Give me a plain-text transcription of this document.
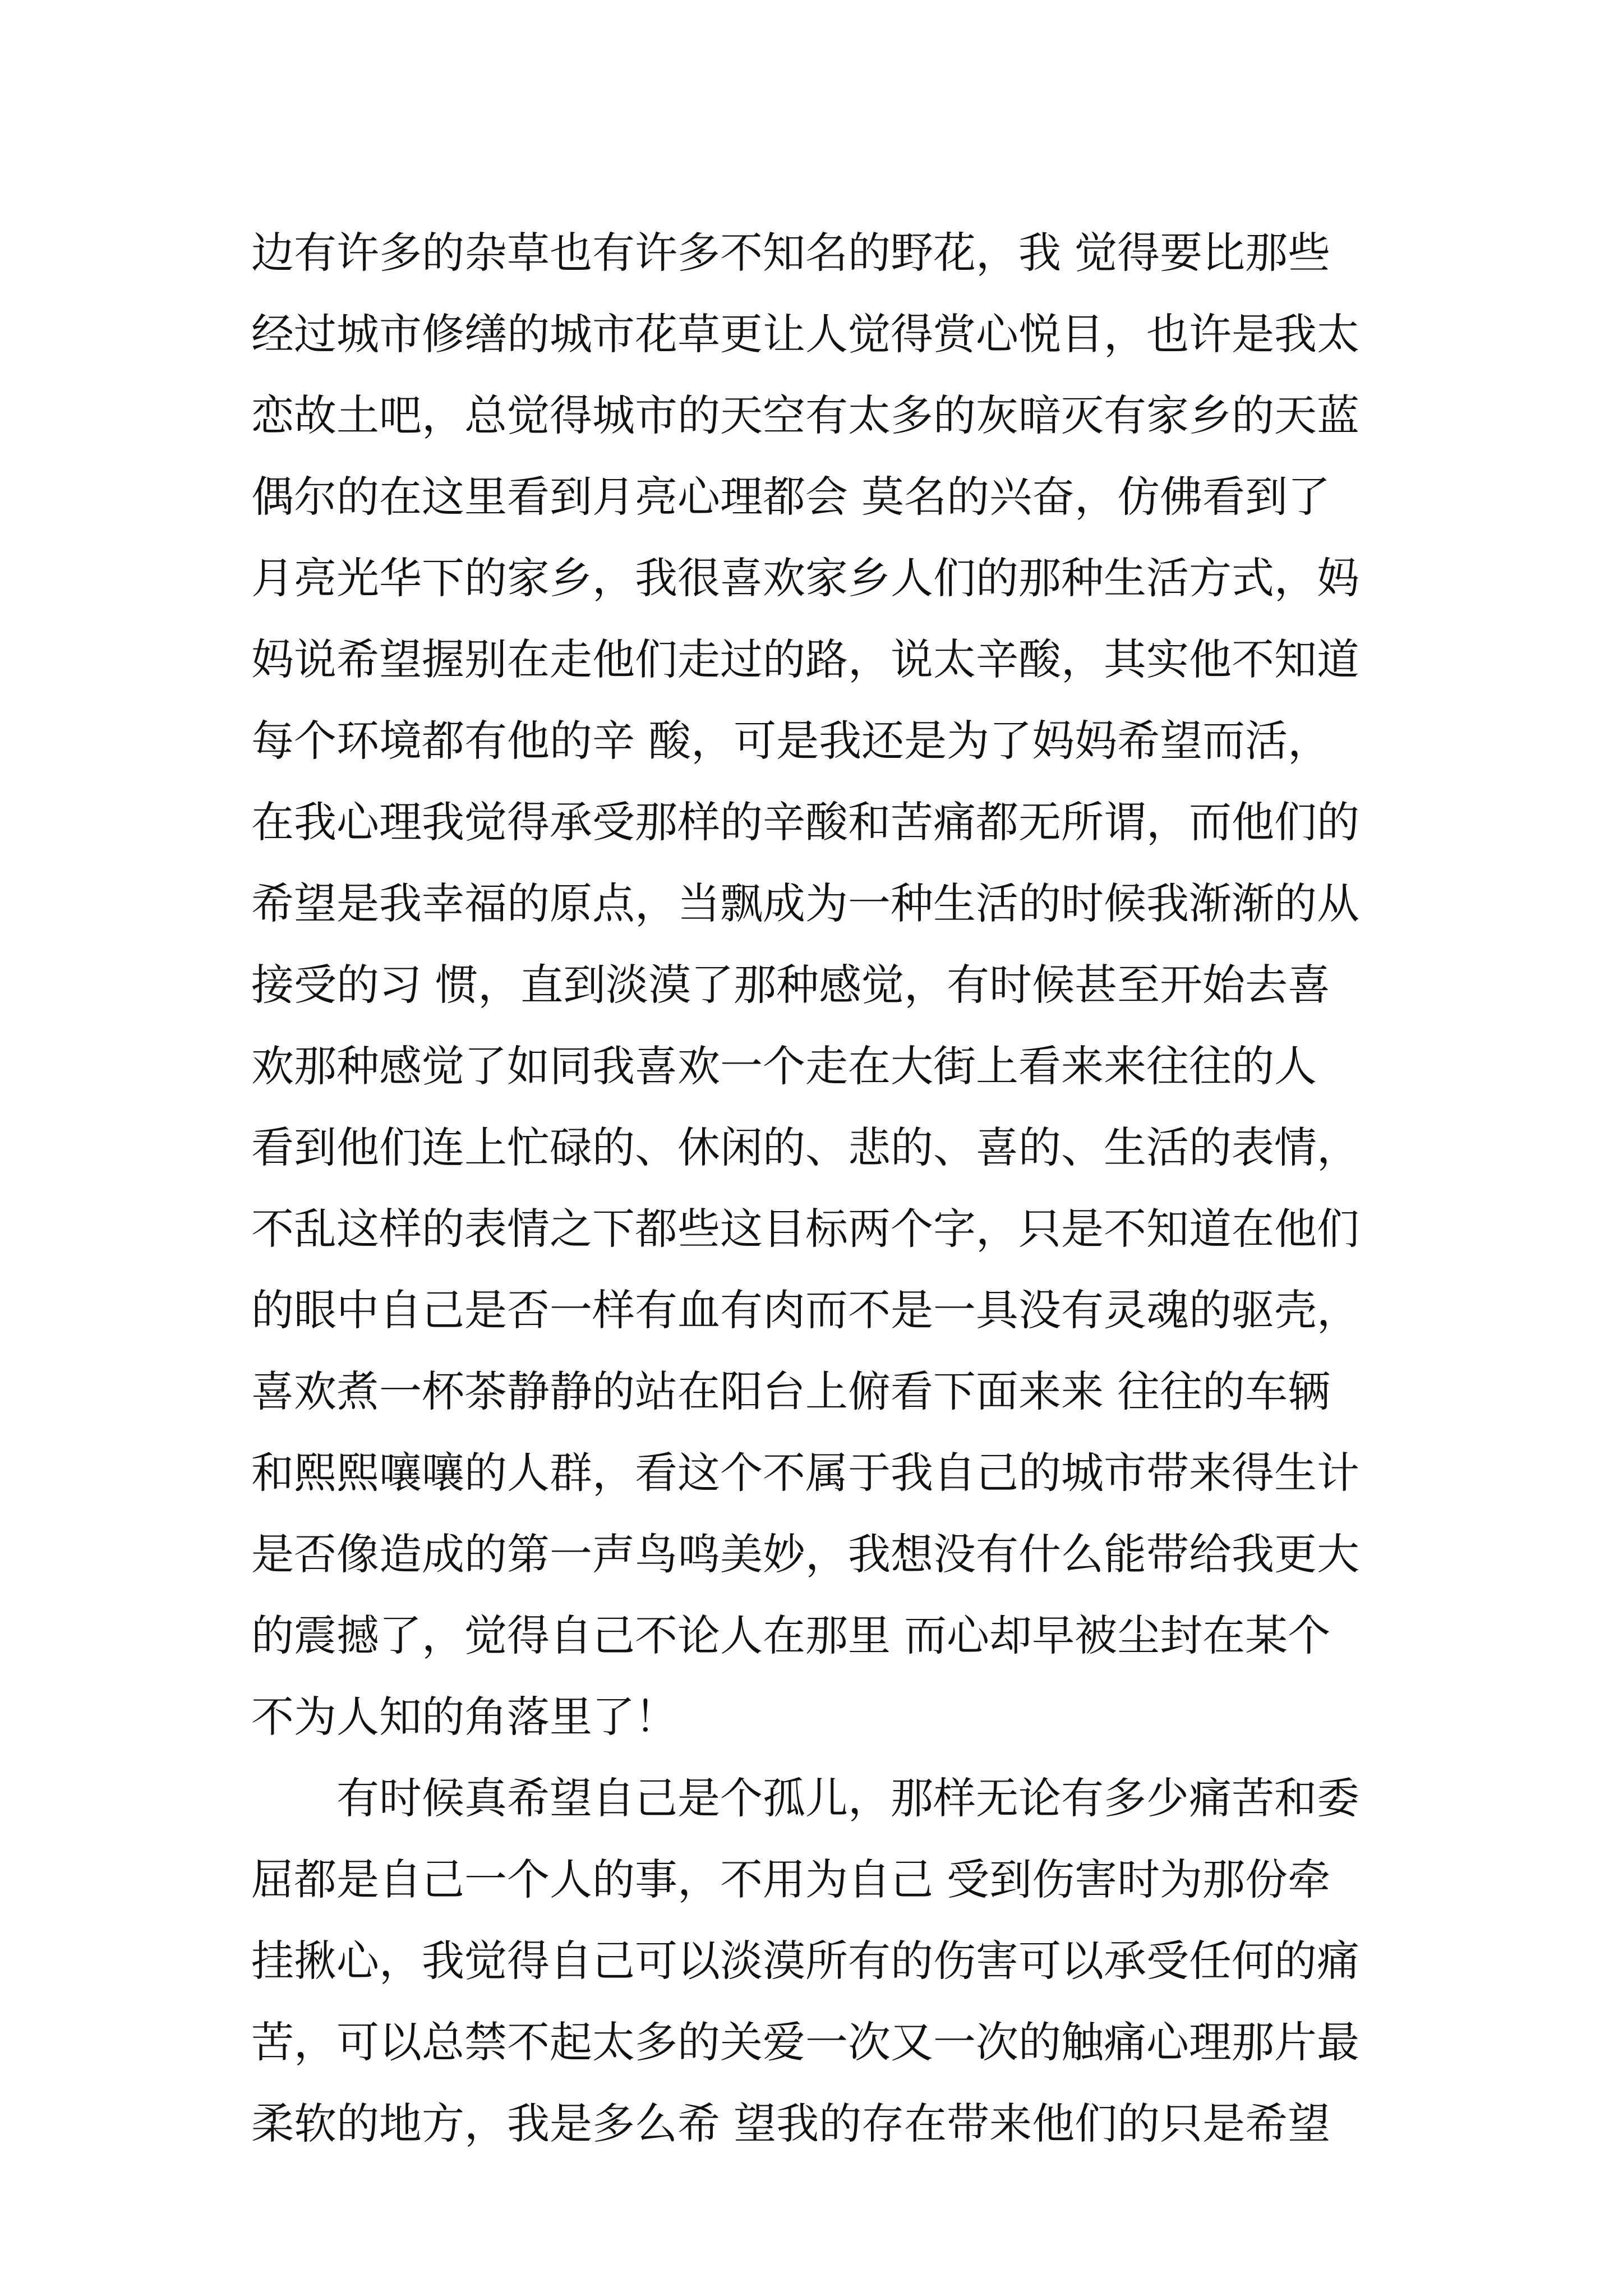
边有许多的杂草也有许多不知名的野花，我 觉得要比那些
经过城市修缮的城市花草更让人觉得赏心悦目，也许是我太
恋故土吧，总觉得城市的天空有太多的灰暗灭有家乡的天蓝
偶尔的在这里看到月亮心理都会 莫名的兴奋，仿佛看到了
月亮光华下的家乡，我很喜欢家乡人们的那种生活方式，妈
妈说希望握别在走他们走过的路，说太辛酸，其实他不知道
每个环境都有他的辛 酸，可是我还是为了妈妈希望而活，
在我心理我觉得承受那样的辛酸和苦痛都无所谓，而他们的
希望是我幸福的原点，当飘成为一种生活的时候我渐渐的从
接受的习 惯，直到淡漠了那种感觉，有时候甚至开始去喜
欢那种感觉了如同我喜欢一个走在大街上看来来往往的人
看到他们连上忙碌的、休闲的、悲的、喜的、生活的表情，
不乱这样的表情之下都些这目标两个字，只是不知道在他们
的眼中自己是否一样有血有肉而不是一具没有灵魂的驱壳，
喜欢煮一杯茶静静的站在阳台上俯看下面来来 往往的车辆
和熙熙嚷嚷的人群，看这个不属于我自己的城市带来得生计
是否像造成的第一声鸟鸣美妙，我想没有什么能带给我更大
的震撼了，觉得自己不论人在那里 而心却早被尘封在某个
不为人知的角落里了！
　　有时候真希望自己是个孤儿，那样无论有多少痛苦和委
屈都是自己一个人的事，不用为自己 受到伤害时为那份牵
挂揪心，我觉得自己可以淡漠所有的伤害可以承受任何的痛
苦，可以总禁不起太多的关爱一次又一次的触痛心理那片最
柔软的地方，我是多么希 望我的存在带来他们的只是希望
